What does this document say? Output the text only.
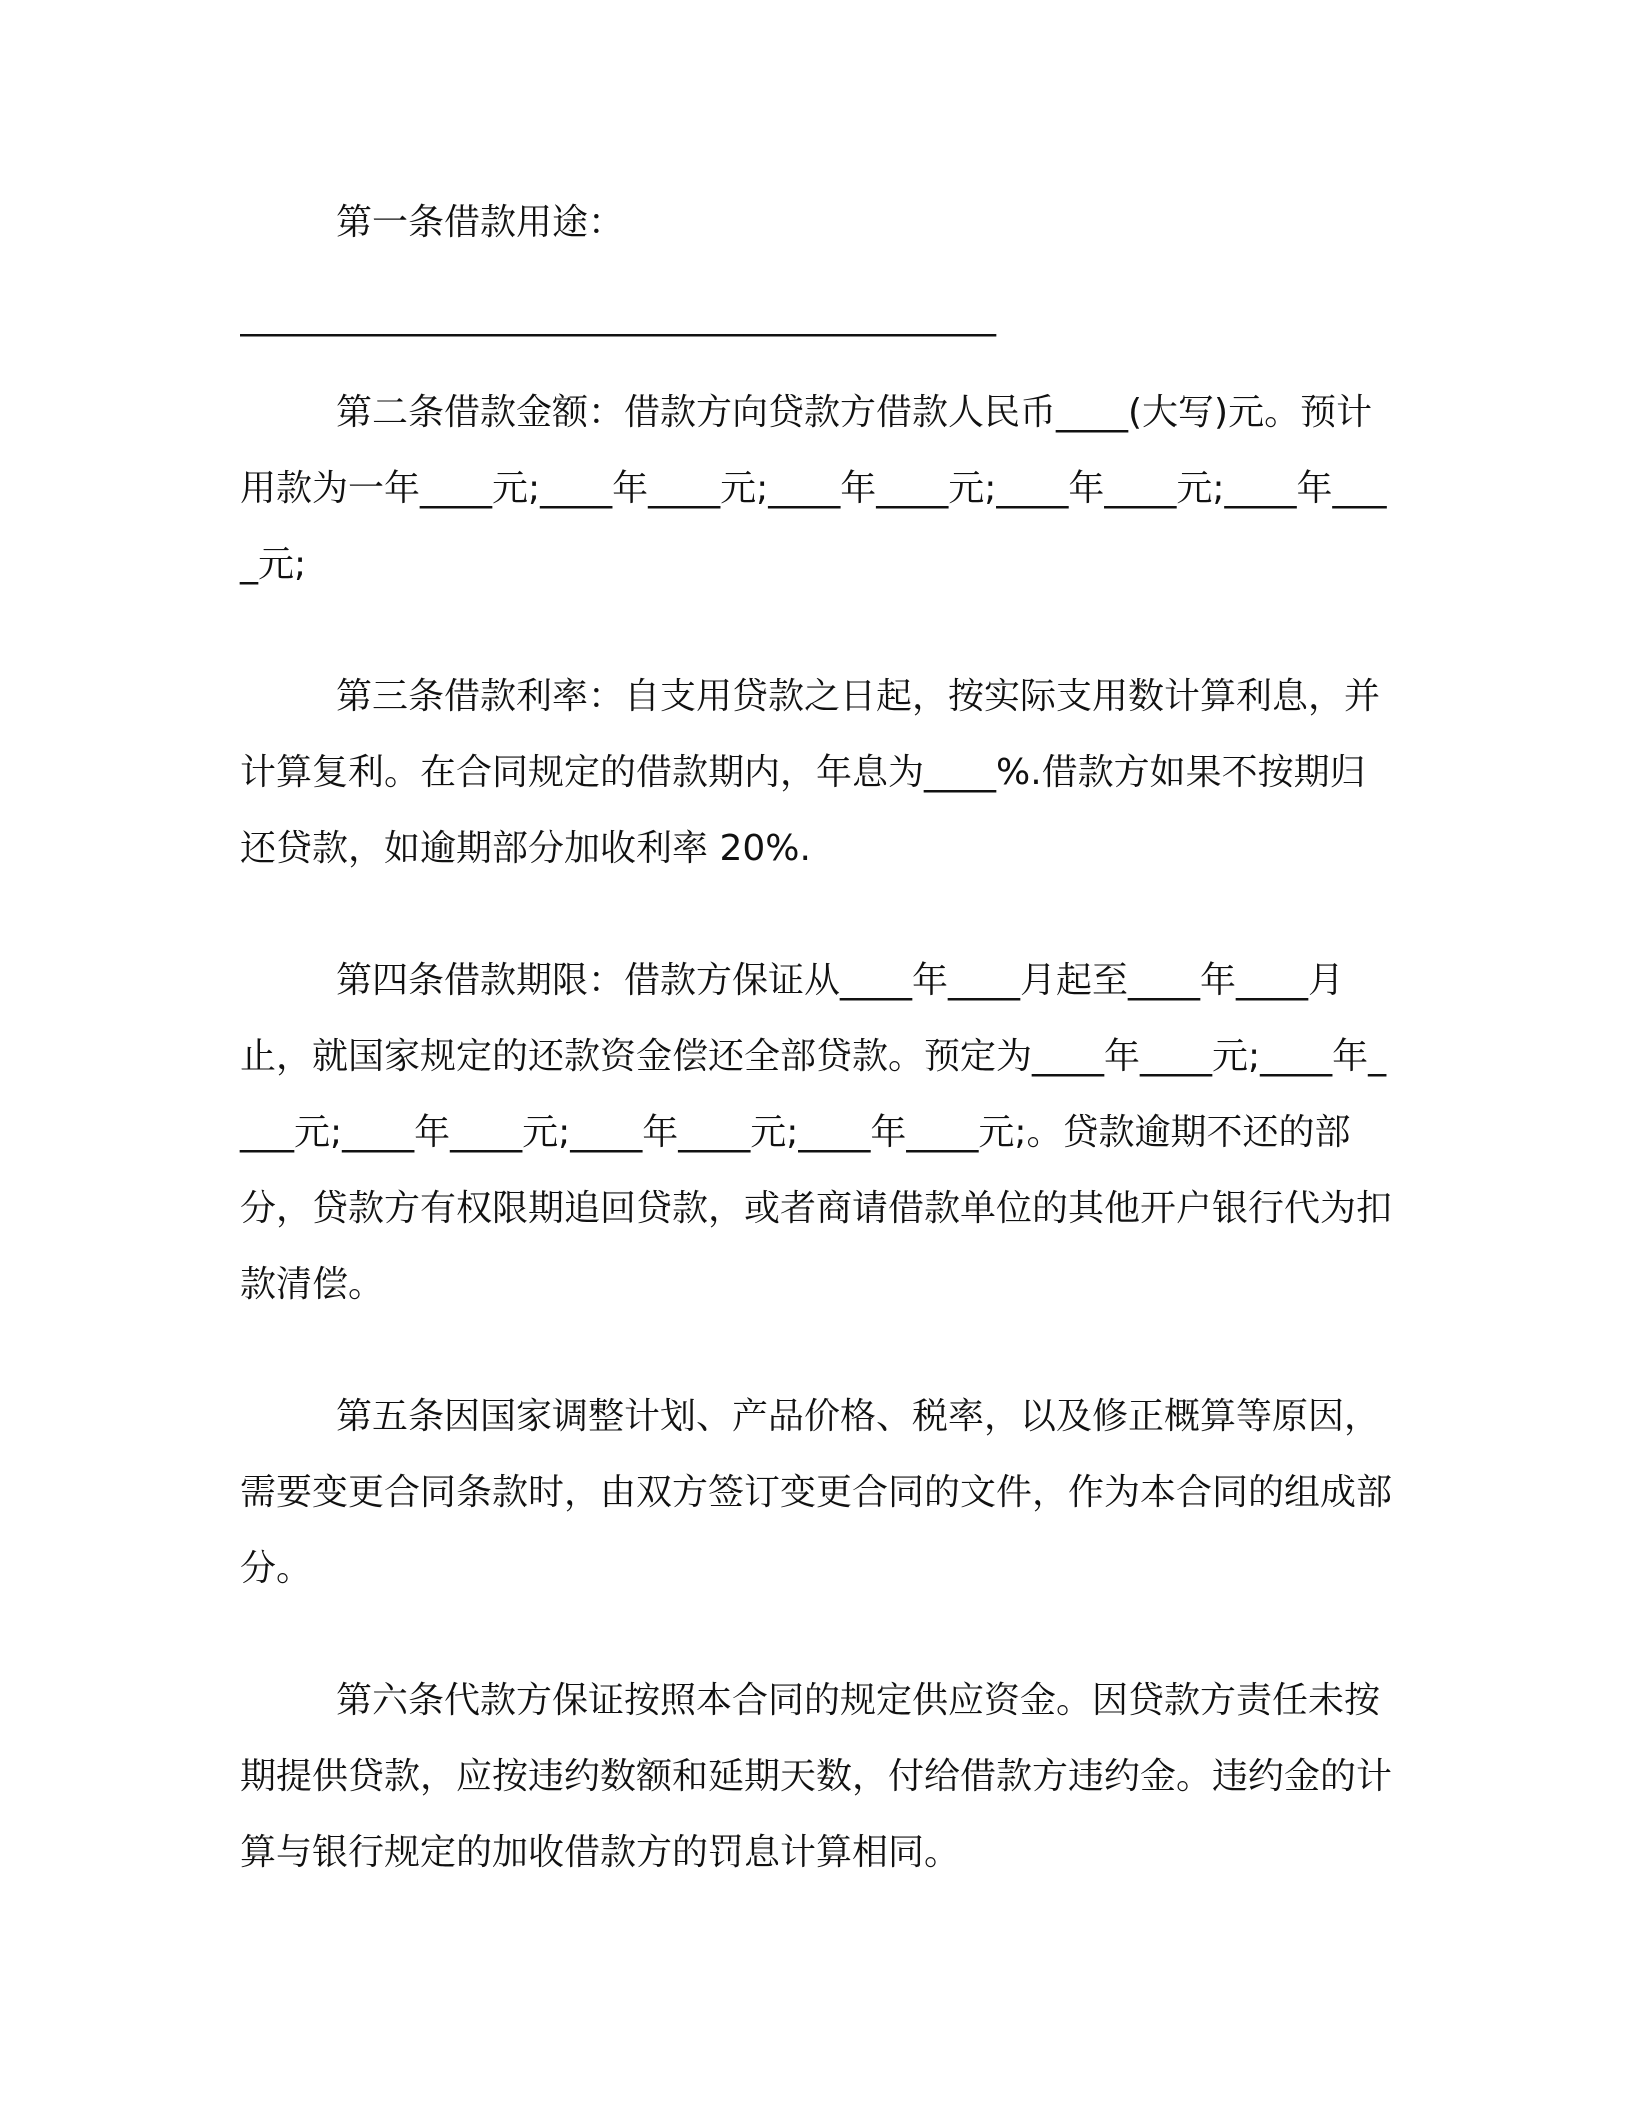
第一条借款用途：

__________________________________________

第二条借款金额：借款方向贷款方借款人民币____(大写)元。预计用款为一年____元;____年____元;____年____元;____年____元;____年____元;

第三条借款利率：自支用贷款之日起，按实际支用数计算利息，并计算复利。在合同规定的借款期内，年息为____%.借款方如果不按期归还贷款，如逾期部分加收利率 20%.

第四条借款期限：借款方保证从____年____月起至____年____月止，就国家规定的还款资金偿还全部贷款。预定为____年____元;____年____元;____年____元;____年____元;____年____元;。贷款逾期不还的部分，贷款方有权限期追回贷款，或者商请借款单位的其他开户银行代为扣款清偿。

第五条因国家调整计划、产品价格、税率，以及修正概算等原因，需要变更合同条款时，由双方签订变更合同的文件，作为本合同的组成部分。

第六条代款方保证按照本合同的规定供应资金。因贷款方责任未按期提供贷款，应按违约数额和延期天数，付给借款方违约金。违约金的计算与银行规定的加收借款方的罚息计算相同。
